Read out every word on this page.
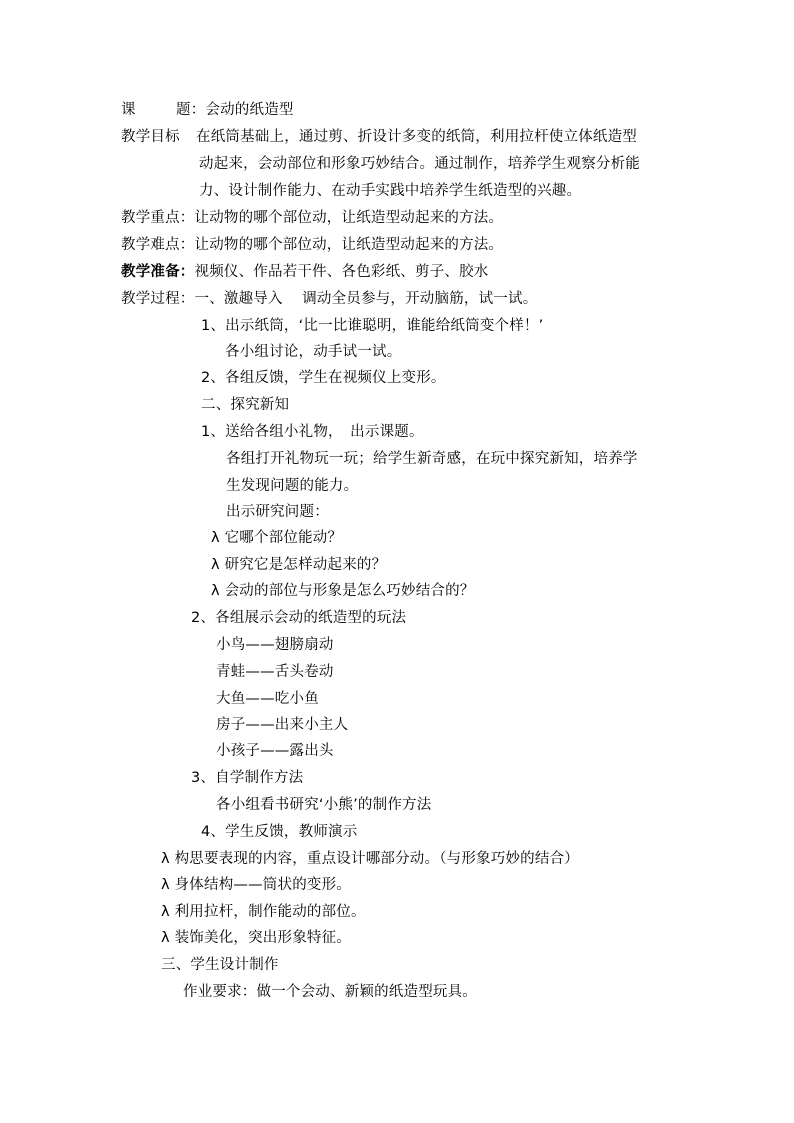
课	题：会动的纸造型
教学目标 在纸筒基础上，通过剪、折设计多变的纸筒，利用拉杆使立体纸造型
动起来，会动部位和形象巧妙结合。通过制作，培养学生观察分析能
力、设计制作能力、在动手实践中培养学生纸造型的兴趣。
教学重点：让动物的哪个部位动，让纸造型动起来的方法。
教学难点：让动物的哪个部位动，让纸造型动起来的方法。
教学准备：视频仪、作品若干件、各色彩纸、剪子、胶水
教学过程：一、激趣导入　 调动全员参与，开动脑筋，试一试。
1、出示纸筒，‘比一比谁聪明，谁能给纸筒变个样！’
各小组讨论，动手试一试。
2、各组反馈，学生在视频仪上变形。
二、探究新知
1、送给各组小礼物，　出示课题。
各组打开礼物玩一玩；给学生新奇感，在玩中探究新知，培养学
生发现问题的能力。
出示研究问题：
λ 它哪个部位能动？
λ 研究它是怎样动起来的？
λ 会动的部位与形象是怎么巧妙结合的？
2、各组展示会动的纸造型的玩法
小鸟——翅膀扇动
青蛙——舌头卷动
大鱼——吃小鱼
房子——出来小主人
小孩子——露出头
3、自学制作方法
各小组看书研究‘小熊’的制作方法
4、学生反馈，教师演示
λ 构思要表现的内容，重点设计哪部分动。（与形象巧妙的结合）
λ 身体结构——筒状的变形。
λ 利用拉杆，制作能动的部位。
λ 装饰美化，突出形象特征。
三、学生设计制作
作业要求：做一个会动、新颖的纸造型玩具。
